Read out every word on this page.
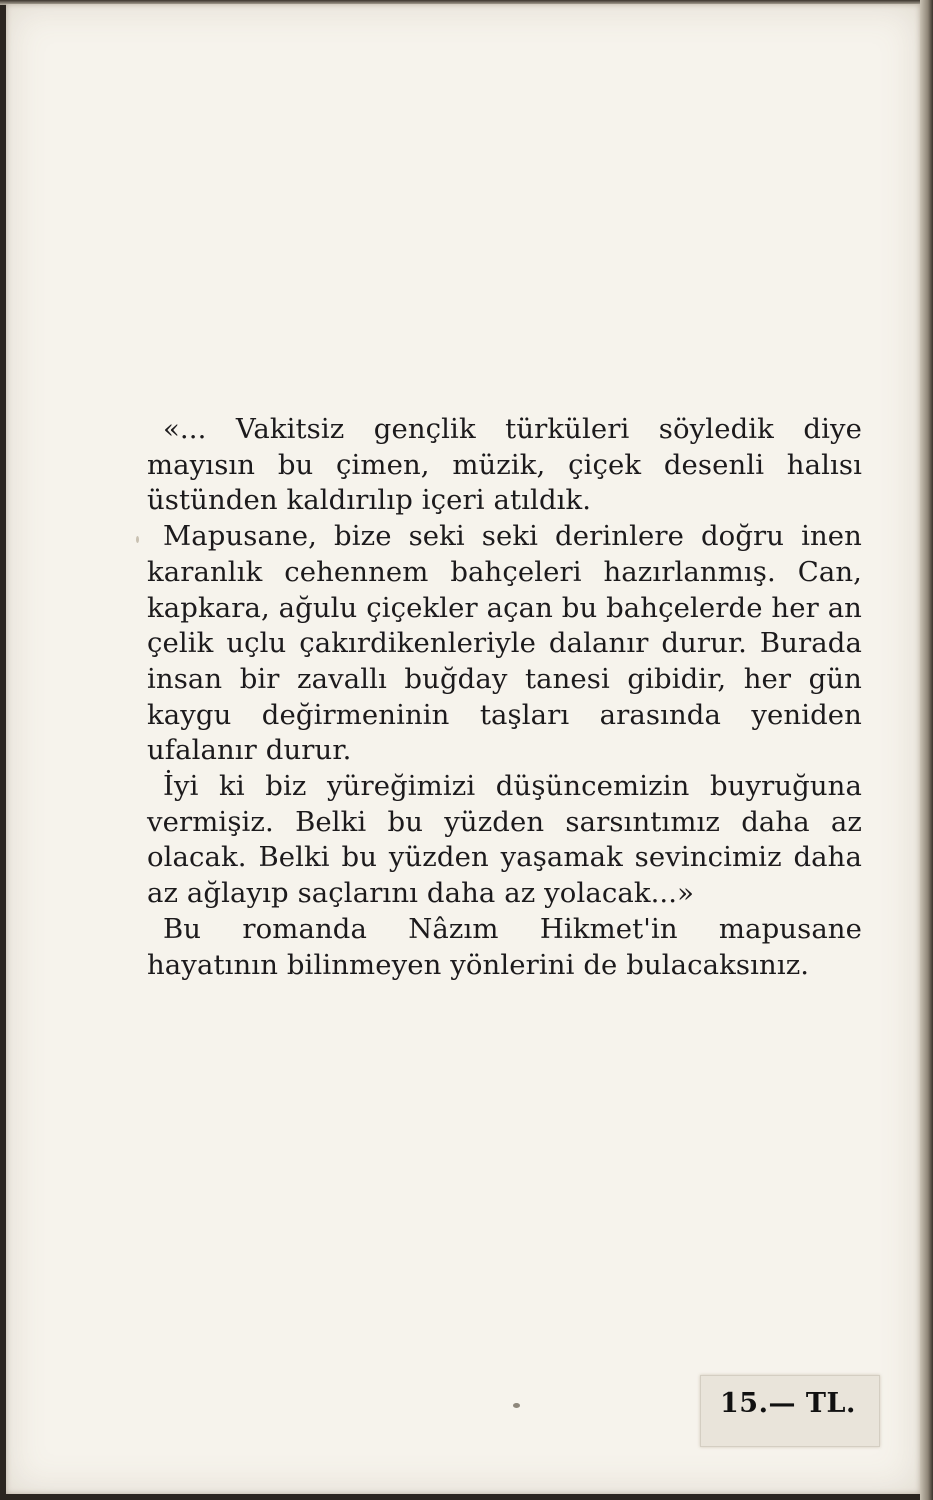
«... Vakitsiz gençlik türküleri söyledik diye mayısın bu çimen, müzik, çiçek desenli halısı üstünden kaldırılıp içeri atıldık.

Mapusane, bize seki seki derinlere doğru inen karanlık cehennem bahçeleri hazırlanmış. Can, kapkara, ağulu çiçekler açan bu bahçelerde her an çelik uçlu çakırdikenleriyle dalanır durur. Burada insan bir zavallı buğday tanesi gibidir, her gün kaygu değirmeninin taşları arasında yeniden ufalanır durur.

İyi ki biz yüreğimizi düşüncemizin buyruğuna vermişiz. Belki bu yüzden sarsıntımız daha az olacak. Belki bu yüzden yaşamak sevincimiz daha az ağlayıp saçlarını daha az yolacak...»

Bu romanda Nâzım Hikmet'in mapusane hayatının bilinmeyen yönlerini de bulacaksınız.

15.— TL.
